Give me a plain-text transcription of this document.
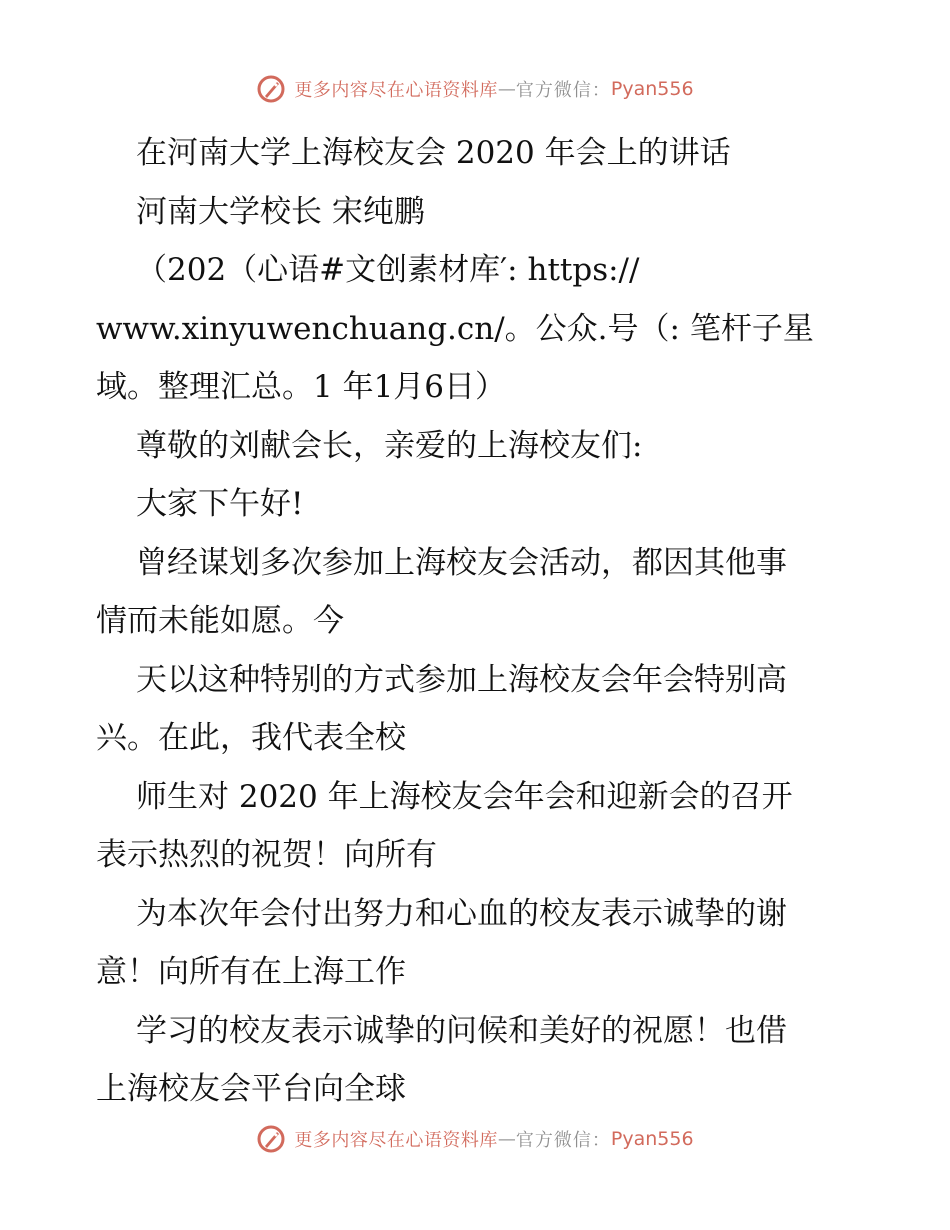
更多内容尽在心语资料库 — 官方微信： Pyan556
在河南大学上海校友会 2020 年会上的讲话
河南大学校长 宋纯鹏
（202（心语#文创素材库′: https://
www.xinyuwenchuang.cn/。公众.号（: 笔杆子星
域。整理汇总。1 年1月6日）
尊敬的刘献会长，亲爱的上海校友们:
大家下午好!
曾经谋划多次参加上海校友会活动，都因其他事
情而未能如愿。今
天以这种特别的方式参加上海校友会年会特别高
兴。在此，我代表全校
师生对 2020 年上海校友会年会和迎新会的召开
表示热烈的祝贺！向所有
为本次年会付出努力和心血的校友表示诚挚的谢
意！向所有在上海工作
学习的校友表示诚挚的问候和美好的祝愿！也借
上海校友会平台向全球
更多内容尽在心语资料库 — 官方微信： Pyan556
